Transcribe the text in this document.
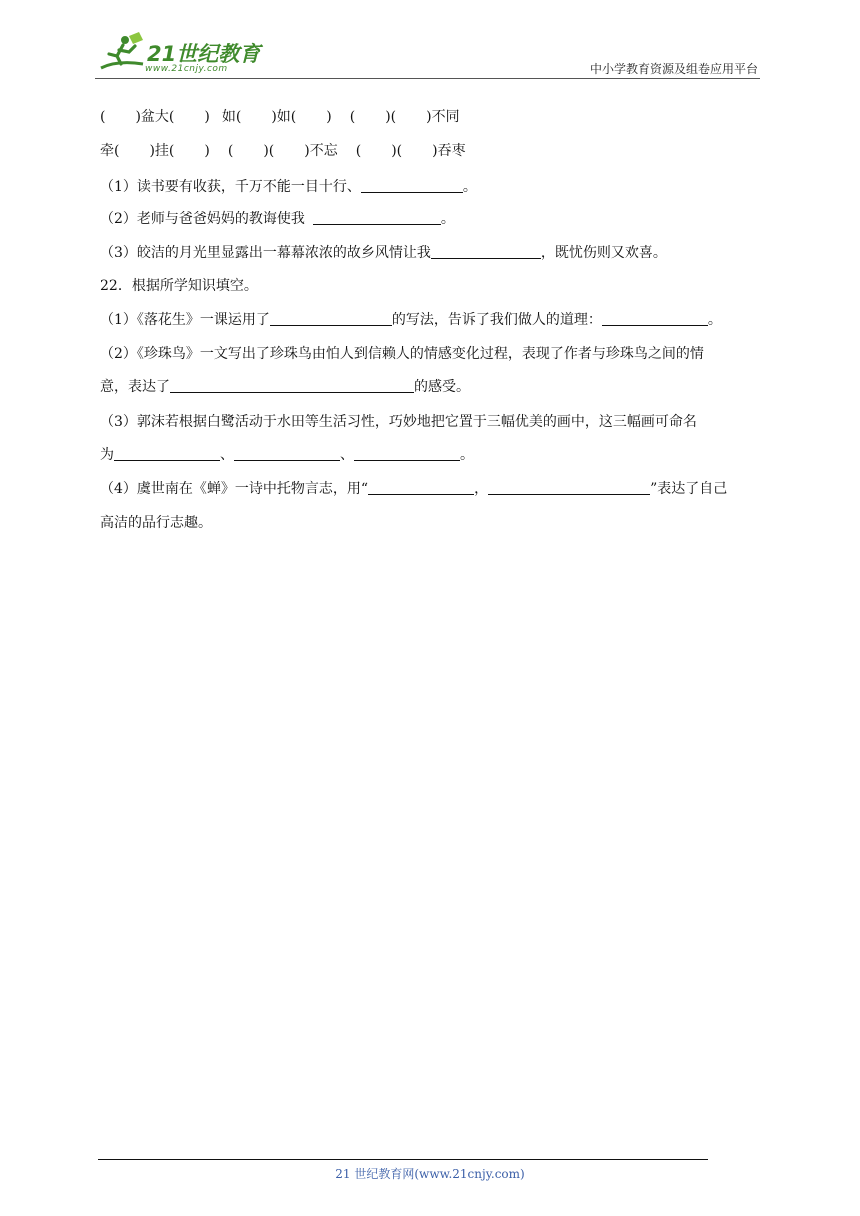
21世纪教育
www.21cnjy.com	中小学教育资源及组卷应用平台
( )盆大( ) 如( )如( ) ( )( )不同
牵( )挂( ) ( )( )不忘 ( )( )吞枣
（1）读书要有收获，千万不能一目十行、	。
（2）老师与爸爸妈妈的教诲使我	。
（3）皎洁的月光里显露出一幕幕浓浓的故乡风情让我	，既忧伤则又欢喜。
22．根据所学知识填空。
（1）《落花生》一课运用了	的写法，告诉了我们做人的道理：	。
（2）《珍珠鸟》一文写出了珍珠鸟由怕人到信赖人的情感变化过程，表现了作者与珍珠鸟之间的情
意，表达了	的感受。
（3）郭沫若根据白鹭活动于水田等生活习性，巧妙地把它置于三幅优美的画中，这三幅画可命名
为	、	、	。
（4）虞世南在《蝉》一诗中托物言志，用“	，	”表达了自己
高洁的品行志趣。
21 世纪教育网(www.21cnjy.com)
